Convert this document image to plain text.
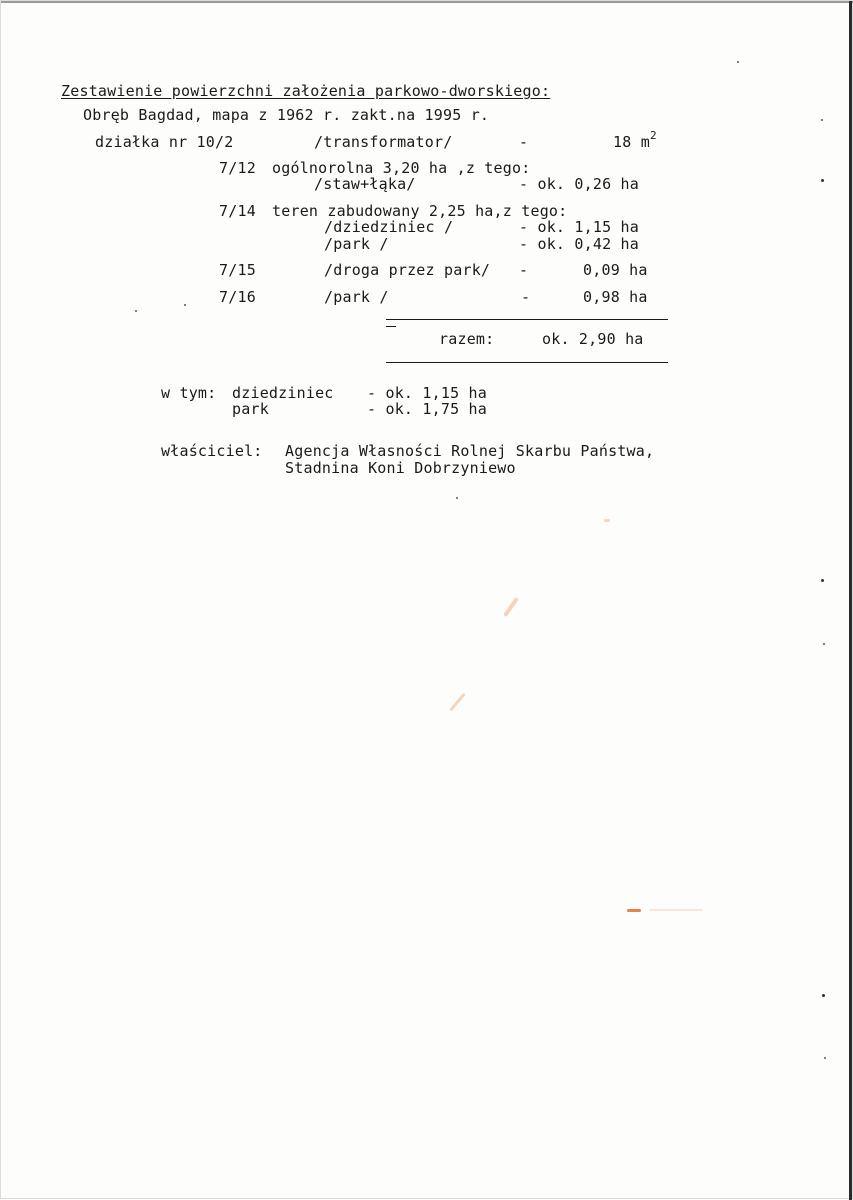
Zestawienie powierzchni założenia parkowo-dworskiego:
Obręb Bagdad, mapa z 1962 r. zakt.na 1995 r.
działka nr 10/2	/transformator/	-	18 $m^2$
7/12 ogólnorolna 3,20 ha ,z tego:
/staw+łąka/	- ok. 0,26 ha
7/14 teren zabudowany 2,25 ha,z tego:
/dziedziniec /	- ok. 1,15 ha
/park /	- ok. 0,42 ha
7/15	/droga przez park/ -	0,09 ha
7/16	/park /	-	0,98 ha
razem:	ok. 2,90 ha
w tym: dziedziniec - ok. 1,15 ha
park	- ok. 1,75 ha
właściciel: Agencja Własności Rolnej Skarbu Państwa,
Stadnina Koni Dobrzyniewo
